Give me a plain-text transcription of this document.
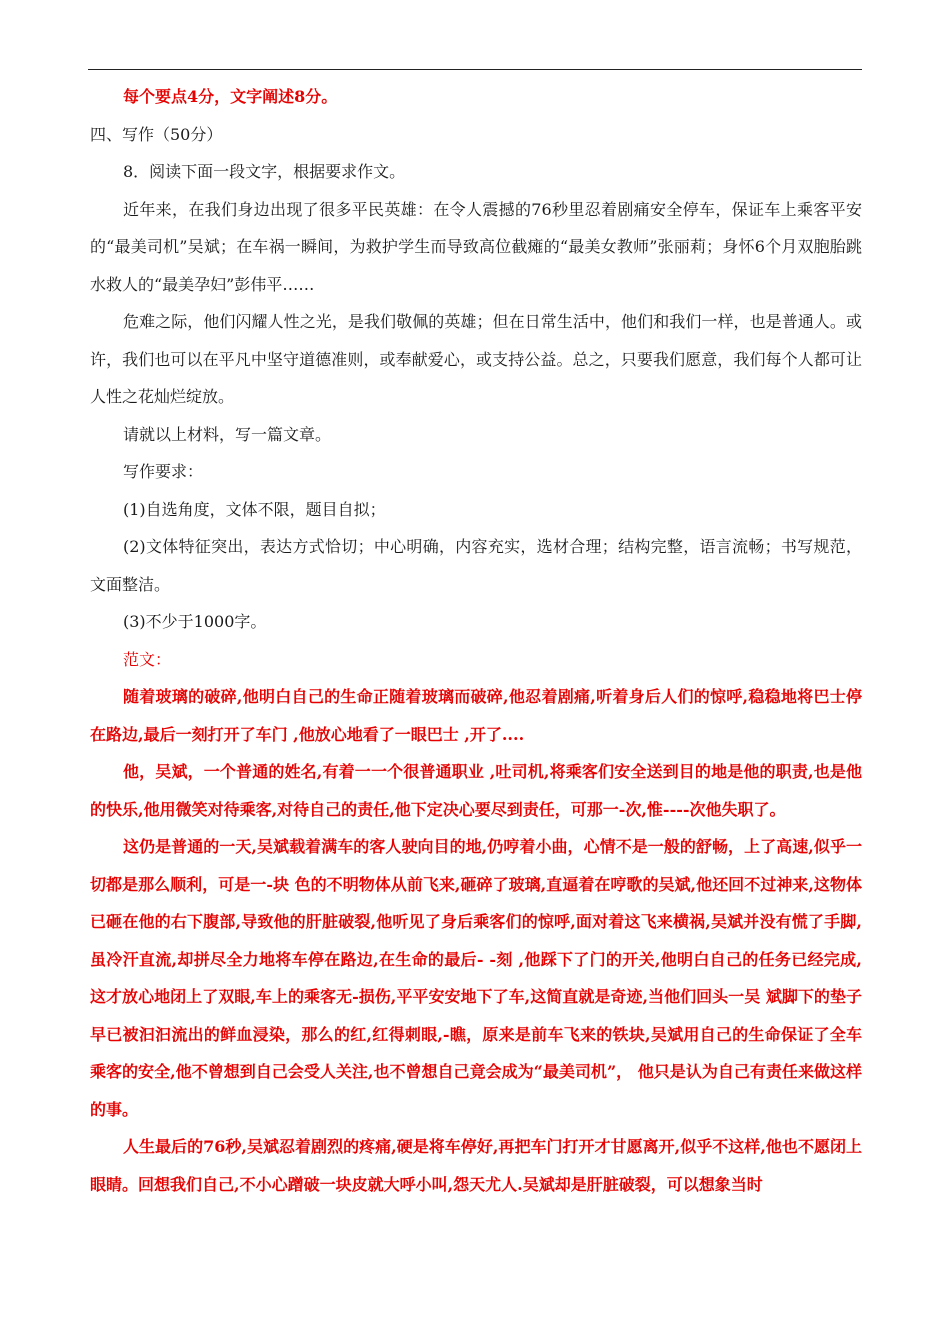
每个要点4分，文字阐述8分。

四、写作（50分）

8．阅读下面一段文字，根据要求作文。

近年来，在我们身边出现了很多平民英雄：在令人震撼的76秒里忍着剧痛安全停车，保证车上乘客平安的“最美司机”吴斌；在车祸一瞬间，为救护学生而导致高位截瘫的“最美女教师”张丽莉；身怀6个月双胞胎跳水救人的“最美孕妇”彭伟平……

危难之际，他们闪耀人性之光，是我们敬佩的英雄；但在日常生活中，他们和我们一样，也是普通人。或许，我们也可以在平凡中坚守道德准则，或奉献爱心，或支持公益。总之，只要我们愿意，我们每个人都可让人性之花灿烂绽放。

请就以上材料，写一篇文章。

写作要求：

(1)自选角度，文体不限，题目自拟；

(2)文体特征突出，表达方式恰切；中心明确，内容充实，选材合理；结构完整，语言流畅；书写规范，文面整洁。

(3)不少于1000字。

范文：

随着玻璃的破碎,他明白自己的生命正随着玻璃而破碎,他忍着剧痛,听着身后人们的惊呼,稳稳地将巴士停在路边,最后一刻打开了车门 ,他放心地看了一眼巴士 ,开了....

他，吴斌，一个普通的姓名,有着一一个很普通职业 ,吐司机,将乘客们安全送到目的地是他的职责,也是他的快乐,他用微笑对待乘客,对待自己的责任,他下定决心要尽到责任，可那一-次,惟----次他失职了。

这仍是普通的一天,吴斌载着满车的客人驶向目的地,仍哼着小曲，心情不是一般的舒畅，上了高速,似乎一切都是那么顺利，可是一-块 色的不明物体从前飞来,砸碎了玻璃,直逼着在哼歌的吴斌,他还回不过神来,这物体已砸在他的右下腹部,导致他的肝脏破裂,他听见了身后乘客们的惊呼,面对着这飞来横祸,吴斌并没有慌了手脚,虽冷汗直流,却拼尽全力地将车停在路边,在生命的最后- -刻 ,他踩下了门的开关,他明白自己的任务已经完成,这才放心地闭上了双眼,车上的乘客无-损伤,平平安安地下了车,这简直就是奇迹,当他们回头一吴 斌脚下的垫子早已被汩汩流出的鲜血浸染，那么的红,红得刺眼,-瞧，原来是前车飞来的铁块,吴斌用自己的生命保证了全车乘客的安全,他不曾想到自己会受人关注,也不曾想自己竟会成为“最美司机”， 他只是认为自己有责任来做这样的事。

人生最后的76秒,吴斌忍着剧烈的疼痛,硬是将车停好,再把车门打开才甘愿离开,似乎不这样,他也不愿闭上眼睛。回想我们自己,不小心蹭破一块皮就大呼小叫,怨天尤人.吴斌却是肝脏破裂，可以想象当时
